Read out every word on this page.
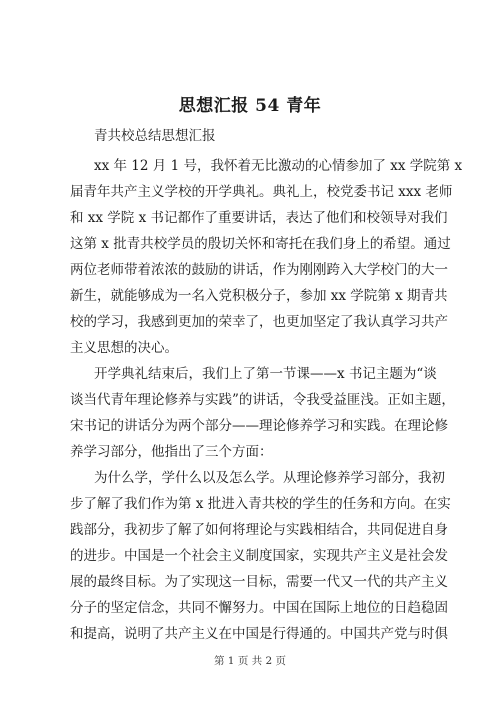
思想汇报 54 青年
青共校总结思想汇报
xx 年 12 月 1 号，我怀着无比激动的心情参加了 xx 学院第 x
届青年共产主义学校的开学典礼。典礼上，校党委书记 xxx 老师
和 xx 学院 x 书记都作了重要讲话，表达了他们和校领导对我们
这第 x 批青共校学员的殷切关怀和寄托在我们身上的希望。通过
两位老师带着浓浓的鼓励的讲话，作为刚刚跨入大学校门的大一
新生，就能够成为一名入党积极分子，参加 xx 学院第 x 期青共
校的学习，我感到更加的荣幸了，也更加坚定了我认真学习共产
主义思想的决心。
开学典礼结束后，我们上了第一节课——x 书记主题为“谈
谈当代青年理论修养与实践”的讲话，令我受益匪浅。正如主题，
宋书记的讲话分为两个部分——理论修养学习和实践。在理论修
养学习部分，他指出了三个方面：
为什么学，学什么以及怎么学。从理论修养学习部分，我初
步了解了我们作为第 x 批进入青共校的学生的任务和方向。在实
践部分，我初步了解了如何将理论与实践相结合，共同促进自身
的进步。中国是一个社会主义制度国家，实现共产主义是社会发
展的最终目标。为了实现这一目标，需要一代又一代的共产主义
分子的坚定信念，共同不懈努力。中国在国际上地位的日趋稳固
和提高，说明了共产主义在中国是行得通的。中国共产党与时俱
第 1 页 共 2 页
